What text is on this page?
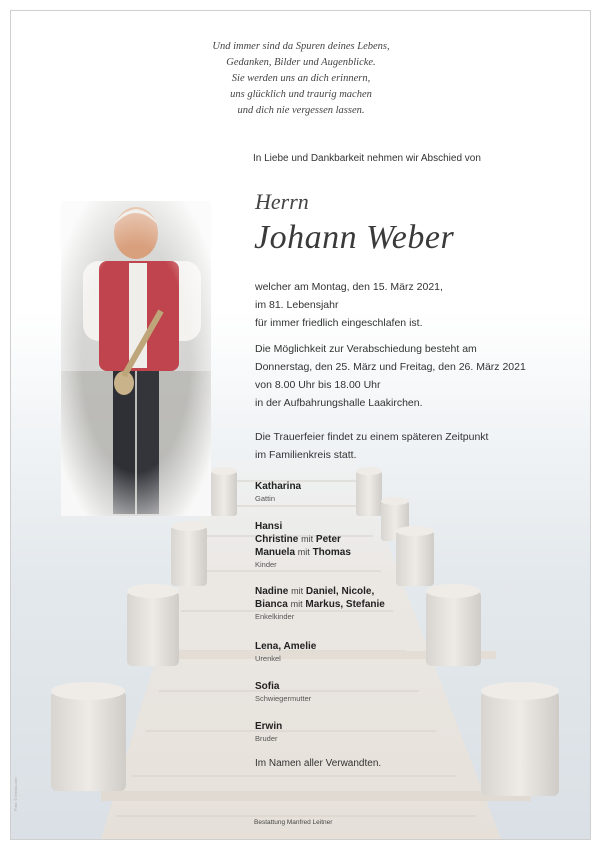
Und immer sind da Spuren deines Lebens,
Gedanken, Bilder und Augenblicke.
Sie werden uns an dich erinnern,
uns glücklich und traurig machen
und dich nie vergessen lassen.
In Liebe und Dankbarkeit nehmen wir Abschied von
Herrn
Johann Weber
welcher am Montag, den 15. März 2021,
im 81. Lebensjahr
für immer friedlich eingeschlafen ist.
Die Möglichkeit zur Verabschiedung besteht am
Donnerstag, den 25. März und Freitag, den 26. März 2021
von 8.00 Uhr bis 18.00 Uhr
in der Aufbahrungshalle Laakirchen.
Die Trauerfeier findet zu einem späteren Zeitpunkt
im Familienkreis statt.
Katharina
Gattin
Hansi
Christine mit Peter
Manuela mit Thomas
Kinder
Nadine mit Daniel, Nicole,
Bianca mit Markus, Stefanie
Enkelkinder
Lena, Amelie
Urenkel
Sofia
Schwiegermutter
Erwin
Bruder
Im Namen aller Verwandten.
Bestattung Manfred Leitner
Foto: © fotolia.com
